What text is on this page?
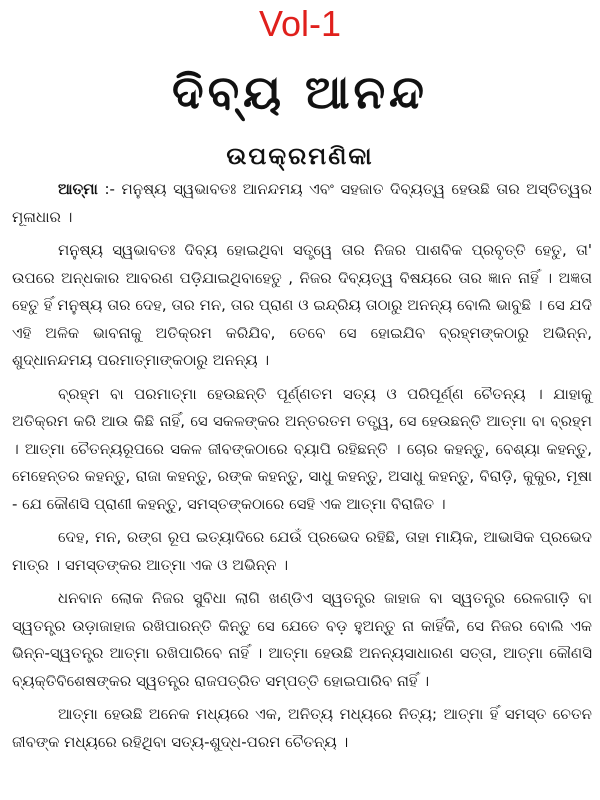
Vol-1
ଦିବ୍ୟ ଆନନ୍ଦ
ଉପକ୍ରମଣିକା

ଆତ୍ମା :- ମନୁଷ୍ୟ ସ୍ୱଭାବତଃ ଆନନ୍ଦମୟ ଏବଂ ସହଜାତ ଦିବ୍ୟତ୍ୱ ହେଉଛି ତାର ଅସ୍ତିତ୍ୱର ମୂଳାଧାର ।

ମନୁଷ୍ୟ ସ୍ୱଭାବତଃ ଦିବ୍ୟ ହୋଇଥିବା ସତ୍ତ୍ୱେ ତାର ନିଜର ପାଶବିକ ପ୍ରବୃତ୍ତି ହେତୁ, ତା' ଉପରେ ଅନ୍ଧକାର ଆବରଣ ପଡ଼ିଯାଇଥିବାହେତୁ , ନିଜର ଦିବ୍ୟତ୍ୱ ବିଷୟରେ ତାର ଜ୍ଞାନ ନାହିଁ । ଅଜ୍ଞତା ହେତୁ ହିଁ ମନୁଷ୍ୟ ତାର ଦେହ, ତାର ମନ, ତାର ପ୍ରାଣ ଓ ଇନ୍ଦ୍ରିୟ ତାଠାରୁ ଅନନ୍ୟ ବୋଲି ଭାବୁଛି । ସେ ଯଦି ଏହି ଅଳିକ ଭାବନାକୁ ଅତିକ୍ରମ କରିଯିବ, ତେବେ ସେ ହୋଇଯିବ ବ୍ରହ୍ମଙ୍କଠାରୁ ଅଭିନ୍ନ, ଶୁଦ୍ଧାନନ୍ଦମୟ ପରମାତ୍ମାଙ୍କଠାରୁ ଅନନ୍ୟ ।

ବ୍ରହ୍ମ ବା ପରମାତ୍ମା ହେଉଛନ୍ତି ପୂର୍ଣ୍ଣତମ ସତ୍ୟ ଓ ପରିପୂର୍ଣ୍ଣ ଚୈତନ୍ୟ । ଯାହାକୁ ଅତିକ୍ରମ କରି ଆଉ କିଛି ନାହିଁ, ସେ ସକଳଙ୍କର ଅନ୍ତରତମ ତତ୍ତ୍ୱ, ସେ ହେଉଛନ୍ତି ଆତ୍ମା ବା ବ୍ରହ୍ମ । ଆତ୍ମା ଚୈତନ୍ୟରୂପରେ ସକଳ ଜୀବଙ୍କଠାରେ ବ୍ୟାପି ରହିଛନ୍ତି । ଚୋର କହନ୍ତୁ, ବେଶ୍ୟା କହନ୍ତୁ, ମେହେନ୍ତର କହନ୍ତୁ, ରାଜା କହନ୍ତୁ, ରଙ୍କ କହନ୍ତୁ, ସାଧୁ କହନ୍ତୁ, ଅସାଧୁ କହନ୍ତୁ, ବିରାଡ଼ି, କୁକୁର, ମୂଷା - ଯେ କୌଣସି ପ୍ରାଣୀ କହନ୍ତୁ, ସମସ୍ତଙ୍କଠାରେ ସେହି ଏକ ଆତ୍ମା ବିରାଜିତ ।

ଦେହ, ମନ, ରଙ୍ଗ ରୂପ ଇତ୍ୟାଦିରେ ଯେଉଁ ପ୍ରଭେଦ ରହିଛି, ତାହା ମାୟିକ, ଆଭାସିକ ପ୍ରଭେଦ ମାତ୍ର । ସମସ୍ତଙ୍କର ଆତ୍ମା ଏକ ଓ ଅଭିନ୍ନ ।

ଧନବାନ ଲୋକ ନିଜର ସୁବିଧା ଲାଗି ଖଣ୍ଡିଏ ସ୍ୱତନ୍ତ୍ର ଜାହାଜ ବା ସ୍ୱତନ୍ତ୍ର ରେଳଗାଡ଼ି ବା ସ୍ୱତନ୍ତ୍ର ଉଡ଼ାଜାହାଜ ରଖିପାରନ୍ତି କିନ୍ତୁ ସେ ଯେତେ ବଡ଼ ହୁଅନ୍ତୁ ନା କାହିଁକି, ସେ ନିଜର ବୋଲି ଏକ ଭିନ୍ନ-ସ୍ୱତନ୍ତ୍ର ଆତ୍ମା ରଖିପାରିବେ ନାହିଁ । ଆତ୍ମା ହେଉଛି ଅନନ୍ୟସାଧାରଣ ସତ୍ତା, ଆତ୍ମା କୌଣସି ବ୍ୟକ୍ତିବିଶେଷଙ୍କର ସ୍ୱତନ୍ତ୍ର ରାଜପତ୍ରିତ ସମ୍ପତ୍ତି ହୋଇପାରିବ ନାହିଁ ।

ଆତ୍ମା ହେଉଛି ଅନେକ ମଧ୍ୟରେ ଏକ, ଅନିତ୍ୟ ମଧ୍ୟରେ ନିତ୍ୟ; ଆତ୍ମା ହିଁ ସମସ୍ତ ଚେତନ ଜୀବଙ୍କ ମଧ୍ୟରେ ରହିଥିବା ସତ୍ୟ-ଶୁଦ୍ଧ-ପରମ ଚୈତନ୍ୟ ।
